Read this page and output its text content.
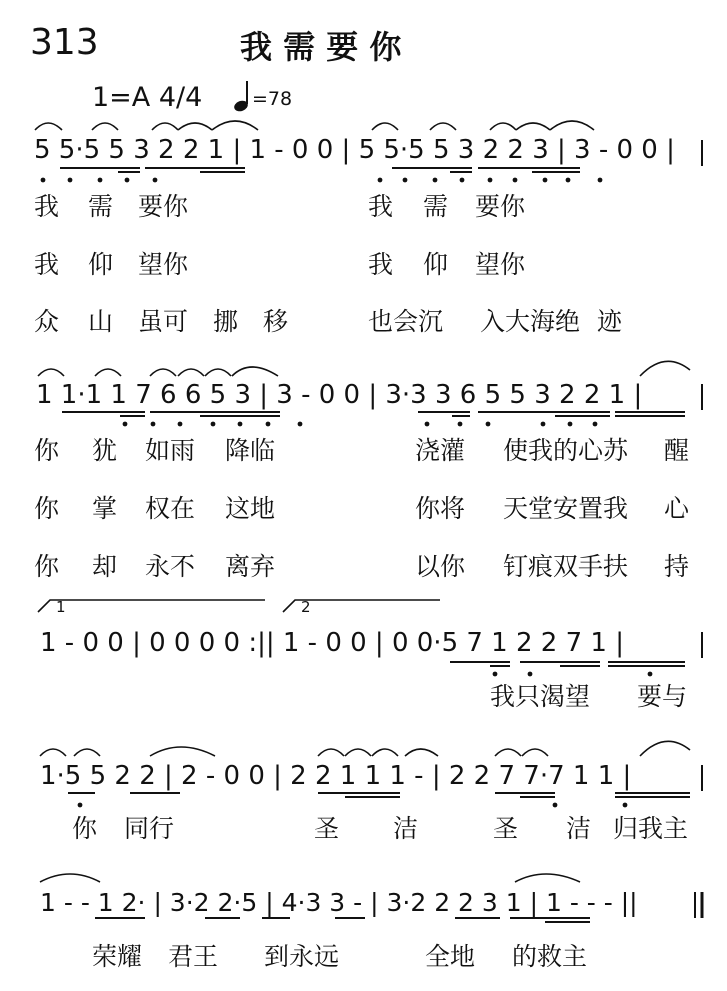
313	我 需 要 你
1=A 4/4	=78
5 5·5 5 3 2 2 1 | 1 - 0 0 | 5 5·5 5 3 2 2 3 | 3 - 0 0 |
我 需 要你	我 需 要你
我 仰 望你	我 仰 望你
众 山 虽可 挪 移	也会沉 入大海绝 迹
1 1·1 1 7 6 6 5 3 | 3 - 0 0 | 3·3 3 6 5 5 3 2 2 1 |
你 犹 如雨 降临	浇灌 使我的心苏 醒
你 掌 权在 这地	你将 天堂安置我 心
你 却 永不 离弃	以你 钉痕双手扶 持
1	2
1 - 0 0 | 0 0 0 0 :|| 1 - 0 0 | 0 0·5 7 1 2 2 7 1 |
我只渴望 要与
1·5 5 2 2 | 2 - 0 0 | 2 2 1 1 1 - | 2 2 7 7·7 1 1 |
你 同行	圣 洁	圣 洁 归我主
1 - - 1 2· | 3·2 2·5 | 4·3 3 - | 3·2 2 2 3 1 | 1 - - - ||
荣耀 君王 到永远	全地 的救主
